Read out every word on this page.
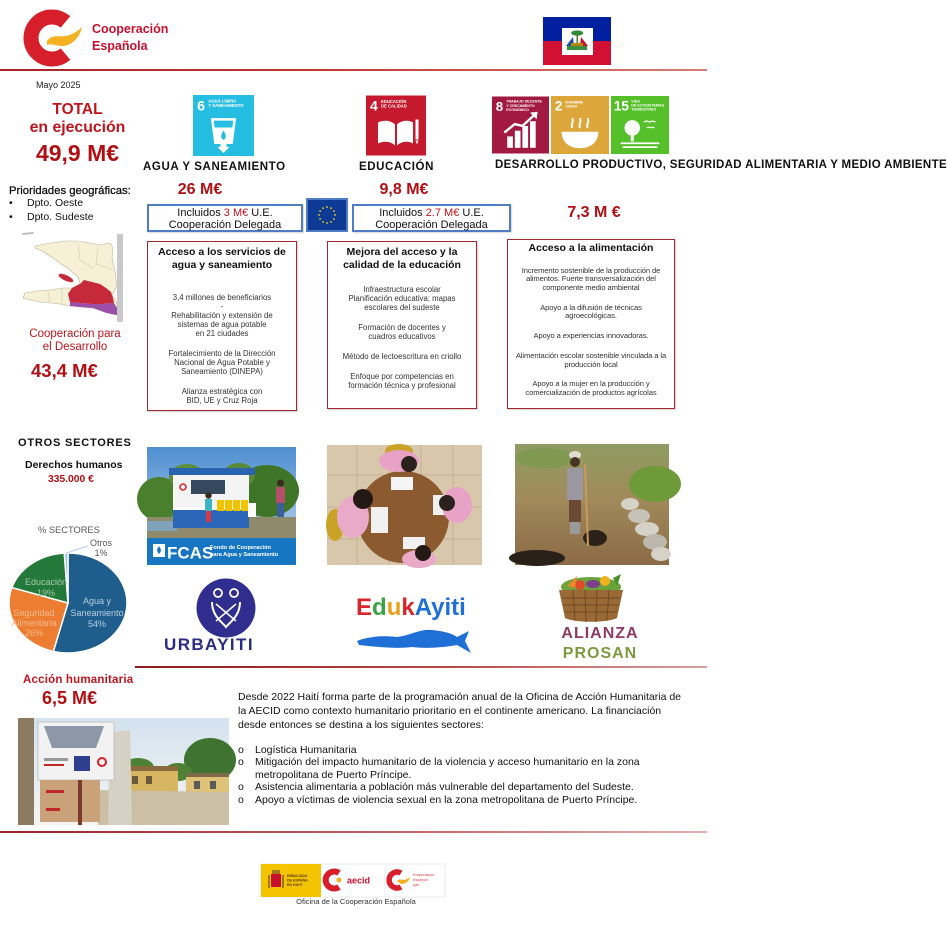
Cooperación
Española
Mayo 2025
TOTAL
en ejecución
49,9 M€
Prioridades geográficas:
• Dpto. Oeste
• Dpto. Sudeste
Cooperación para
el Desarrollo
43,4 M€
OTROS SECTORES
Derechos humanos
335.000 €
% SECTORES
Agua y Saneamiento
54%
Seguridad Alimentaria
26%
Educación
19%
Otros
1%
Acción humanitaria
6,5 M€	Desde 2022 Haití forma parte de la programación anual de la Oficina de Acción Humanitaria de
la AECID como contexto humanitario prioritario en el continente americano. La financiación
desde entonces se destina a los siguientes sectores:
o Logística Humanitaria
o Mitigación del impacto humanitario de la violencia y acceso humanitario en la zona
metropolitana de Puerto Príncipe.
o Asistencia alimentaria a población más vulnerable del departamento del Sudeste.
o Apoyo a víctimas de violencia sexual en la zona metropolitana de Puerto Príncipe.
6 AGUA LIMPIA
Y SANEAMIENTO	4 EDUCACIÓN
DE CALIDAD	8 TRABAJO DECENTE
Y CRECIMIENTO
ECONÓMICO 2 HAMBRE
CERO	15 VIDA
DE ECOSISTEMAS
TERRESTRES
AGUA Y SANEAMIENTO
26 M€
EDUCACIÓN
9,8 M€
DESARROLLO PRODUCTIVO, SEGURIDAD ALIMENTARIA Y MEDIO AMBIENTE
7,3 M €
Incluidos 3 M€ U.E.
Cooperación Delegada
Incluidos 2.7 M€ U.E.
Cooperación Delegada
Acceso a los servicios de
agua y saneamiento

3,4 millones de beneficiarios
-
Rehabilitación y extensión de
sistemas de agua potable
en 21 ciudades

Fortalecimiento de la Dirección
Nacional de Agua Potable y
Saneamiento (DINEPA)

Alianza estratégica con
BID, UE y Cruz Roja

Mejora del acceso y la
calidad de la educación

Infraestructura escolar
Planificación educativa: mapas
escolares del sudeste

Formación de docentes y
cuadros educativos

Método de lectoescritura en criollo

Enfoque por competencias en
formación técnica y profesional

Acceso a la alimentación

Incremento sostenible de la producción de
alimentos. Fuerte transversalización del
componente medio ambiental

Apoyo a la difusión de técnicas
agroecológicas.

Apoyo a experiencias innovadoras.

Alimentación escolar sostenible vinculada a la
producción local

Apoyo a la mujer en la producción y
comercialización de productos agrícolas

FCAS
Fondo de Cooperación
para Agua y Saneamiento
URBAYITI
EdukAyiti
ALIANZA
PROSAN
EMBAJADA
DE ESPAÑA
EN HAITÍ	aecid
Kooperasyon
Espanyòl
Ayiti
Oficina de la Cooperación Española
